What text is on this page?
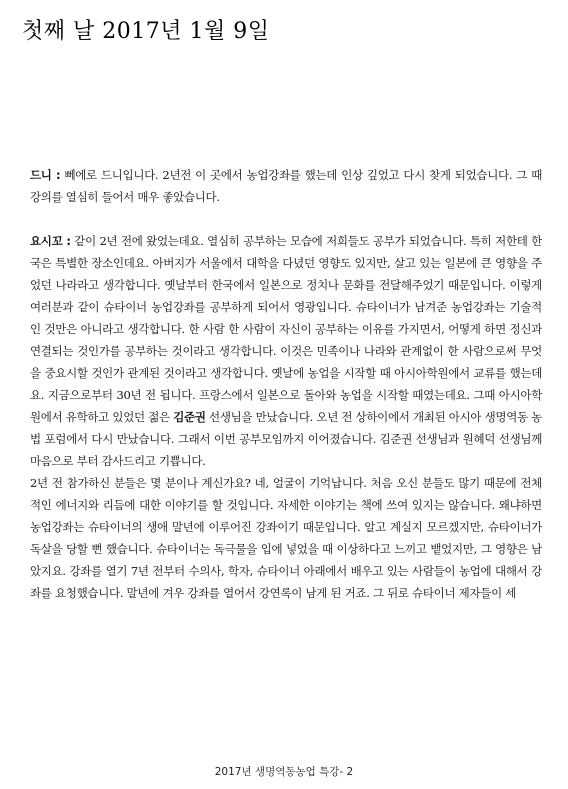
첫째 날 2017년 1월 9일

드니 : 뻬에로 드니입니다. 2년전 이 곳에서 농업강좌를 했는데 인상 깊었고 다시 찾게 되었습니다. 그 때 강의를 열심히 들어서 매우 좋았습니다.

요시꼬 : 같이 2년 전에 왔었는데요. 열심히 공부하는 모습에 저희들도 공부가 되었습니다. 특히 저한테 한국은 특별한 장소인데요. 아버지가 서울에서 대학을 다녔던 영향도 있지만, 살고 있는 일본에 큰 영향을 주었던 나라라고 생각합니다. 옛날부터 한국에서 일본으로 정치나 문화를 전달해주었기 때문입니다. 이렇게 여러분과 같이 슈타이너 농업강좌를 공부하게 되어서 영광입니다. 슈타이너가 남겨준 농업강좌는 기술적인 것만은 아니라고 생각합니다. 한 사람 한 사람이 자신이 공부하는 이유를 가지면서, 어떻게 하면 정신과 연결되는 것인가를 공부하는 것이라고 생각합니다. 이것은 민족이나 나라와 관계없이 한 사람으로써 무엇을 중요시할 것인가 관계된 것이라고 생각합니다. 옛날에 농업을 시작할 때 아시아학원에서 교류를 했는데요. 지금으로부터 30년 전 됩니다. 프랑스에서 일본으로 돌아와 농업을 시작할 때였는데요. 그때 아시아학원에서 유학하고 있었던 젊은 김준권 선생님을 만났습니다. 오년 전 상하이에서 개최된 아시아 생명역동 농법 포럼에서 다시 만났습니다. 그래서 이번 공부모임까지 이어졌습니다. 김준권 선생님과 원혜덕 선생님께 마음으로 부터 감사드리고 기쁩니다.

2년 전 참가하신 분들은 몇 분이나 계신가요? 네, 얼굴이 기억납니다. 처음 오신 분들도 많기 때문에 전체적인 에너지와 리듬에 대한 이야기를 할 것입니다. 자세한 이야기는 책에 쓰여 있지는 않습니다. 왜냐하면 농업강좌는 슈타이너의 생애 말년에 이루어진 강좌이기 때문입니다. 알고 계실지 모르겠지만, 슈타이너가 독살을 당할 뻔 했습니다. 슈타이너는 독극물을 입에 넣었을 때 이상하다고 느끼고 뱉었지만, 그 영향은 남았지요. 강좌를 열기 7년 전부터 수의사, 학자, 슈타이너 아래에서 배우고 있는 사람들이 농업에 대해서 강좌를 요청했습니다. 말년에 겨우 강좌를 열어서 강연록이 남게 된 거죠. 그 뒤로 슈타이너 제자들이 세

2017년 생명역동농업 특강- 2
